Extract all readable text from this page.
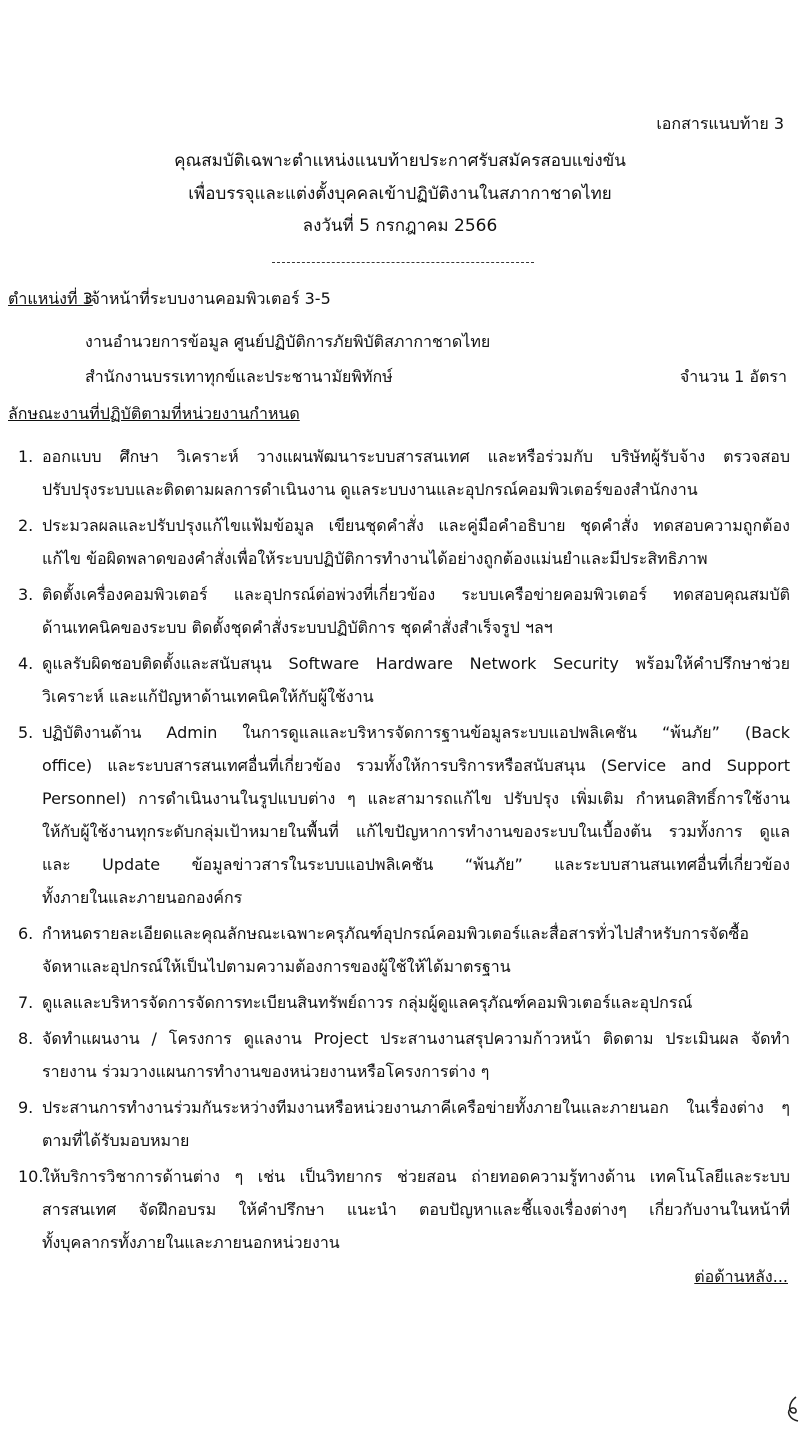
เอกสารแนบท้าย 3
คุณสมบัติเฉพาะตำแหน่งแนบท้ายประกาศรับสมัครสอบแข่งขัน
เพื่อบรรจุและแต่งตั้งบุคคลเข้าปฏิบัติงานในสภากาชาดไทย
ลงวันที่ 5 กรกฎาคม 2566
ตำแหน่งที่ 3
เจ้าหน้าที่ระบบงานคอมพิวเตอร์ 3-5
งานอำนวยการข้อมูล ศูนย์ปฏิบัติการภัยพิบัติสภากาชาดไทย
สำนักงานบรรเทาทุกข์และประชานามัยพิทักษ์	จำนวน 1 อัตรา
ลักษณะงานที่ปฏิบัติตามที่หน่วยงานกำหนด
1. ออกแบบ ศึกษา วิเคราะห์ วางแผนพัฒนาระบบสารสนเทศ และหรือร่วมกับ บริษัทผู้รับจ้าง ตรวจสอบ
ปรับปรุงระบบและติดตามผลการดำเนินงาน ดูแลระบบงานและอุปกรณ์คอมพิวเตอร์ของสำนักงาน
2. ประมวลผลและปรับปรุงแก้ไขแฟ้มข้อมูล เขียนชุดคำสั่ง และคู่มือคำอธิบาย ชุดคำสั่ง ทดสอบความถูกต้อง
แก้ไข ข้อผิดพลาดของคำสั่งเพื่อให้ระบบปฏิบัติการทำงานได้อย่างถูกต้องแม่นยำและมีประสิทธิภาพ
3. ติดตั้งเครื่องคอมพิวเตอร์ และอุปกรณ์ต่อพ่วงที่เกี่ยวข้อง ระบบเครือข่ายคอมพิวเตอร์ ทดสอบคุณสมบัติ
ด้านเทคนิคของระบบ ติดตั้งชุดคำสั่งระบบปฏิบัติการ ชุดคำสั่งสำเร็จรูป ฯลฯ
4. ดูแลรับผิดชอบติดตั้งและสนับสนุน Software Hardware Network Security พร้อมให้คำปรึกษาช่วย
วิเคราะห์ และแก้ปัญหาด้านเทคนิคให้กับผู้ใช้งาน
5. ปฏิบัติงานด้าน Admin ในการดูแลและบริหารจัดการฐานข้อมูลระบบแอปพลิเคชัน “พ้นภัย” (Back
office) และระบบสารสนเทศอื่นที่เกี่ยวข้อง รวมทั้งให้การบริการหรือสนับสนุน (Service and Support
Personnel) การดำเนินงานในรูปแบบต่าง ๆ และสามารถแก้ไข ปรับปรุง เพิ่มเติม กำหนดสิทธิ์การใช้งาน
ให้กับผู้ใช้งานทุกระดับกลุ่มเป้าหมายในพื้นที่ แก้ไขปัญหาการทำงานของระบบในเบื้องต้น รวมทั้งการ ดูแล
และ Update ข้อมูลข่าวสารในระบบแอปพลิเคชัน “พ้นภัย” และระบบสานสนเทศอื่นที่เกี่ยวข้อง
ทั้งภายในและภายนอกองค์กร
6. กำหนดรายละเอียดและคุณลักษณะเฉพาะครุภัณฑ์อุปกรณ์คอมพิวเตอร์และสื่อสารทั่วไปสำหรับการจัดซื้อ
จัดหาและอุปกรณ์ให้เป็นไปตามความต้องการของผู้ใช้ให้ได้มาตรฐาน
7. ดูแลและบริหารจัดการจัดการทะเบียนสินทรัพย์ถาวร กลุ่มผู้ดูแลครุภัณฑ์คอมพิวเตอร์และอุปกรณ์
8. จัดทำแผนงาน / โครงการ ดูแลงาน Project ประสานงานสรุปความก้าวหน้า ติดตาม ประเมินผล จัดทำ
รายงาน ร่วมวางแผนการทำงานของหน่วยงานหรือโครงการต่าง ๆ
9. ประสานการทำงานร่วมกันระหว่างทีมงานหรือหน่วยงานภาคีเครือข่ายทั้งภายในและภายนอก ในเรื่องต่าง ๆ
ตามที่ได้รับมอบหมาย
10.
ให้บริการวิชาการด้านต่าง ๆ เช่น เป็นวิทยากร ช่วยสอน ถ่ายทอดความรู้ทางด้าน เทคโนโลยีและระบบ
สารสนเทศ จัดฝึกอบรม ให้คำปรึกษา แนะนำ ตอบปัญหาและชี้แจงเรื่องต่างๆ เกี่ยวกับงานในหน้าที่
ทั้งบุคลากรทั้งภายในและภายนอกหน่วยงาน
ต่อด้านหลัง...
